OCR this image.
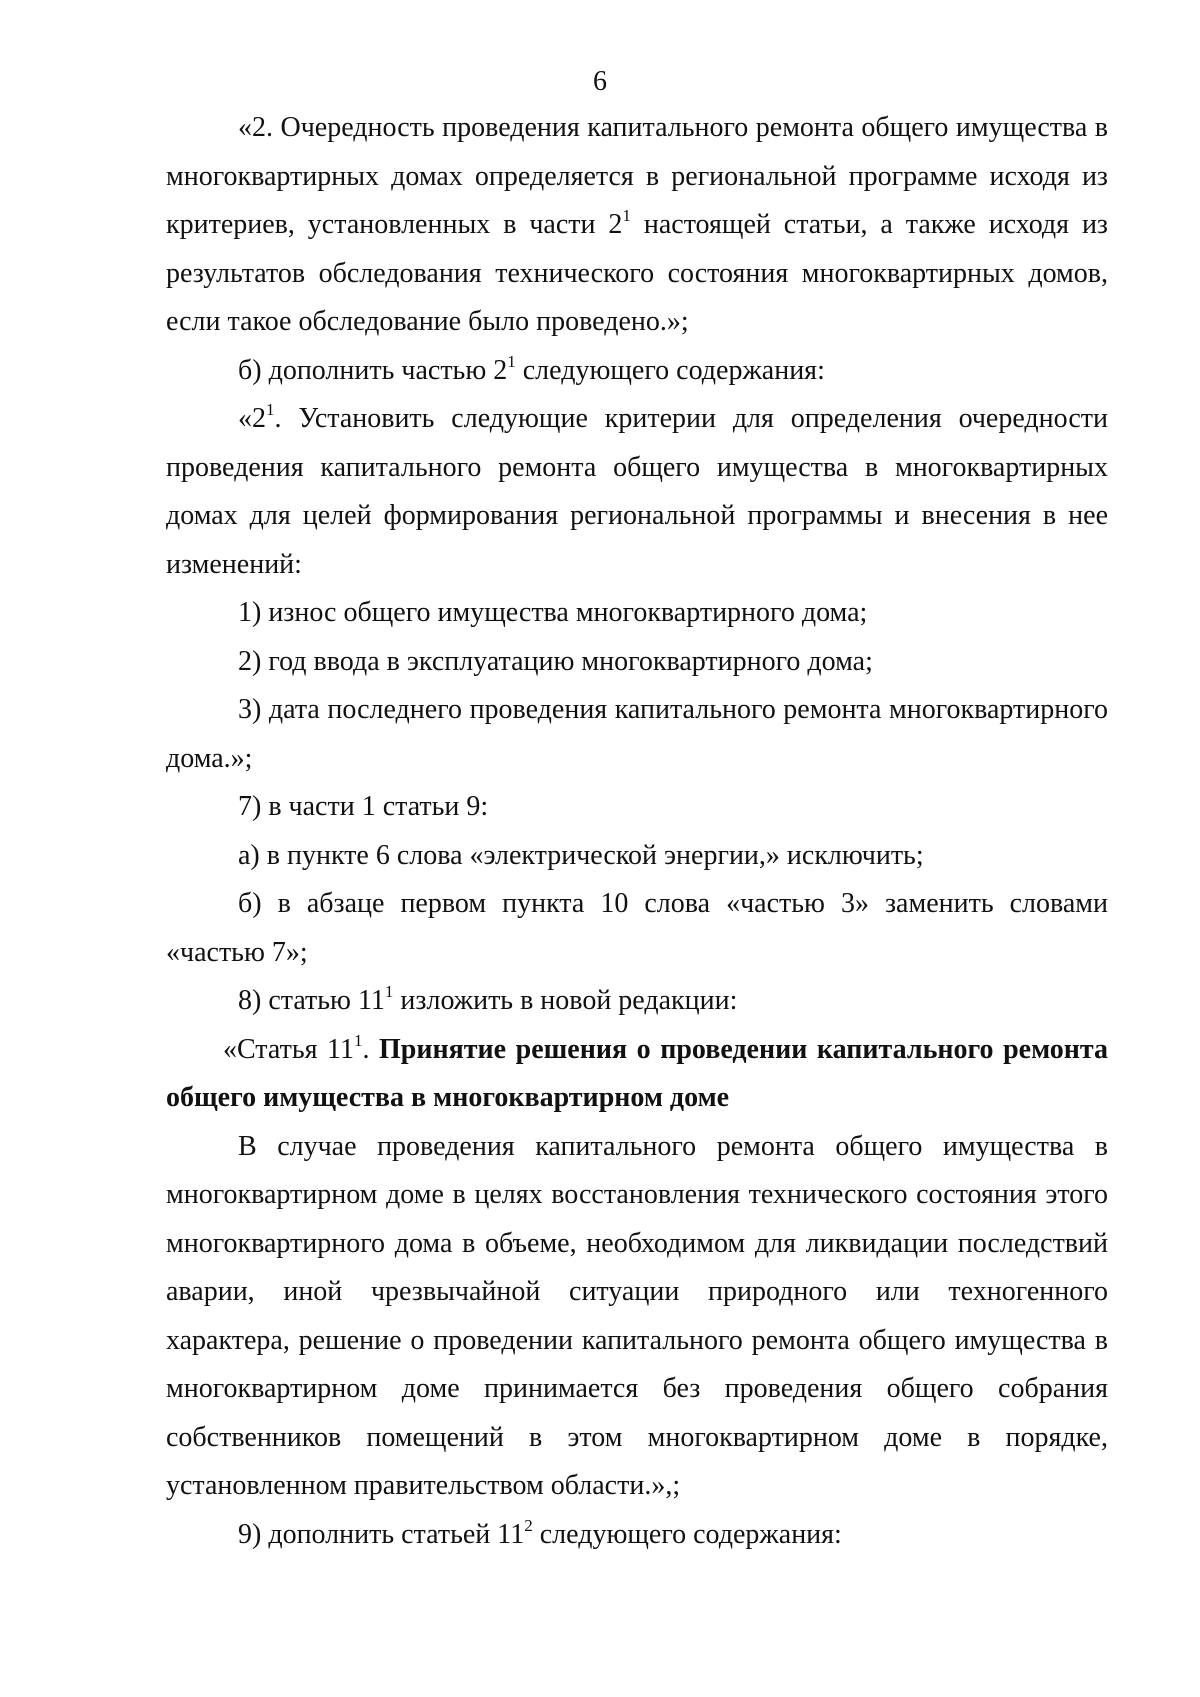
6

«2. Очередность проведения капитального ремонта общего имущества в многоквартирных домах определяется в региональной программе исходя из критериев, установленных в части $2^1$ настоящей статьи, а также исходя из результатов обследования технического состояния многоквартирных домов, если такое обследование было проведено.»;

б) дополнить частью $2^1$ следующего содержания:

«$2^1$. Установить следующие критерии для определения очередности проведения капитального ремонта общего имущества в многоквартирных домах для целей формирования региональной программы и внесения в нее изменений:

1) износ общего имущества многоквартирного дома;

2) год ввода в эксплуатацию многоквартирного дома;

3) дата последнего проведения капитального ремонта многоквартирного дома.»;

7) в части 1 статьи 9:

а) в пункте 6 слова «электрической энергии,» исключить;

б) в абзаце первом пункта 10 слова «частью 3» заменить словами «частью 7»;

8) статью $11^1$ изложить в новой редакции:

«Статья $11^1$. Принятие решения о проведении капитального ремонта общего имущества в многоквартирном доме

В случае проведения капитального ремонта общего имущества в многоквартирном доме в целях восстановления технического состояния этого многоквартирного дома в объеме, необходимом для ликвидации последствий аварии, иной чрезвычайной ситуации природного или техногенного характера, решение о проведении капитального ремонта общего имущества в многоквартирном доме принимается без проведения общего собрания собственников помещений в этом многоквартирном доме в порядке, установленном правительством области.»,;

9) дополнить статьей $11^2$ следующего содержания:
